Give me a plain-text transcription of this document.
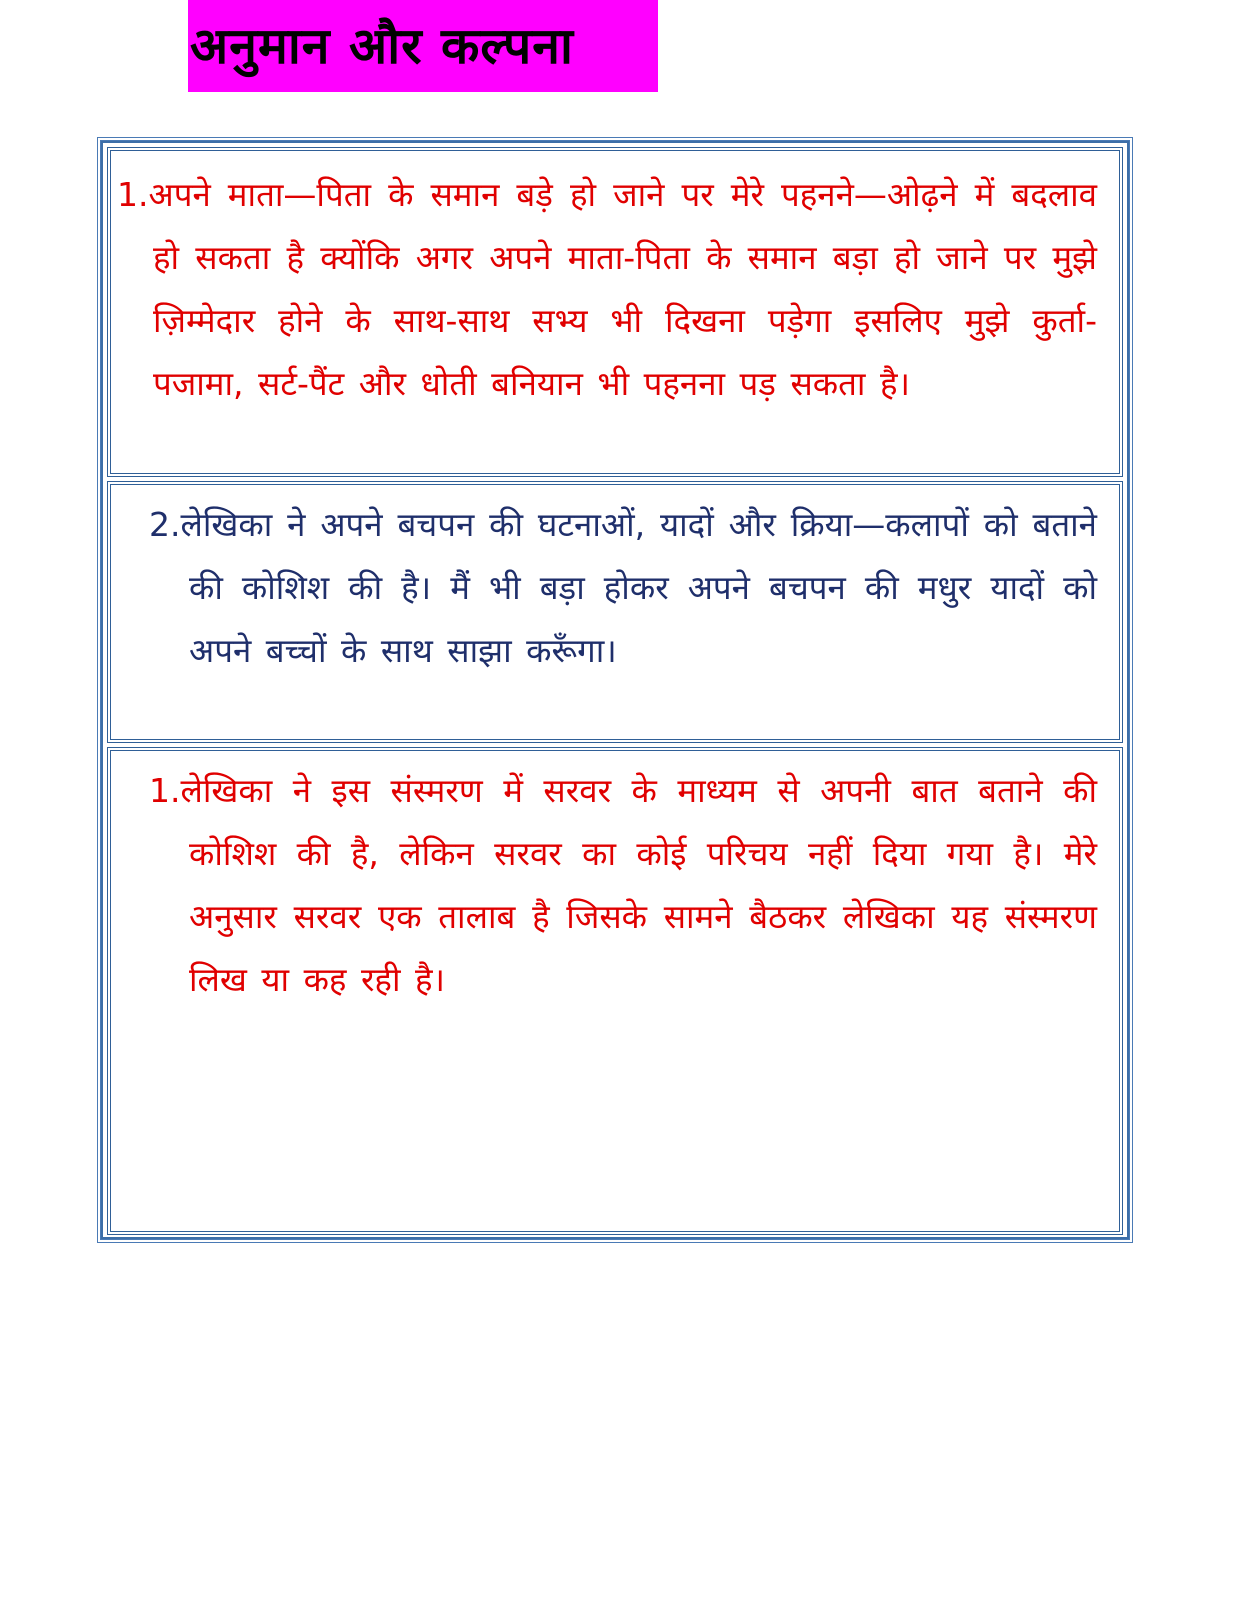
अनुमान और कल्पना

1.अपने माता—पिता के समान बड़े हो जाने पर मेरे पहनने—ओढ़ने में बदलाव हो सकता है क्योंकि अगर अपने माता-पिता के समान बड़ा हो जाने पर मुझे ज़िम्मेदार होने के साथ-साथ सभ्य भी दिखना पड़ेगा इसलिए मुझे कुर्ता-पजामा, सर्ट-पैंट और धोती बनियान भी पहनना पड़ सकता है।

2.लेखिका ने अपने बचपन की घटनाओं, यादों और क्रिया—कलापों को बताने की कोशिश की है। मैं भी बड़ा होकर अपने बचपन की मधुर यादों को अपने बच्चों के साथ साझा करूँगा।

1.लेखिका ने इस संस्मरण में सरवर के माध्यम से अपनी बात बताने की कोशिश की है, लेकिन सरवर का कोई परिचय नहीं दिया गया है। मेरे अनुसार सरवर एक तालाब है जिसके सामने बैठकर लेखिका यह संस्मरण लिख या कह रही है।
